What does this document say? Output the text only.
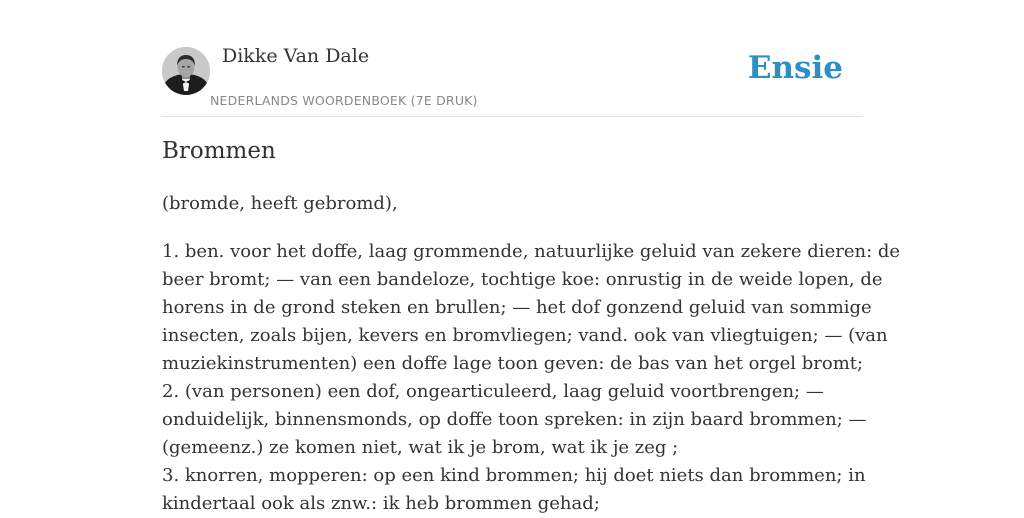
Dikke Van Dale
NEDERLANDS WOORDENBOEK (7E DRUK)
Ensie
Brommen
(bromde, heeft gebromd),
1. ben. voor het doffe, laag grommende, natuurlijke geluid van zekere dieren: de
beer bromt; — van een bandeloze, tochtige koe: onrustig in de weide lopen, de
horens in de grond steken en brullen; — het dof gonzend geluid van sommige
insecten, zoals bijen, kevers en bromvliegen; vand. ook van vliegtuigen; — (van
muziekinstrumenten) een doffe lage toon geven: de bas van het orgel bromt;
2. (van personen) een dof, ongearticuleerd, laag geluid voortbrengen; —
onduidelijk, binnensmonds, op doffe toon spreken: in zijn baard brommen; —
(gemeenz.) ze komen niet, wat ik je brom, wat ik je zeg ;
3. knorren, mopperen: op een kind brommen; hij doet niets dan brommen; in
kindertaal ook als znw.: ik heb brommen gehad;
